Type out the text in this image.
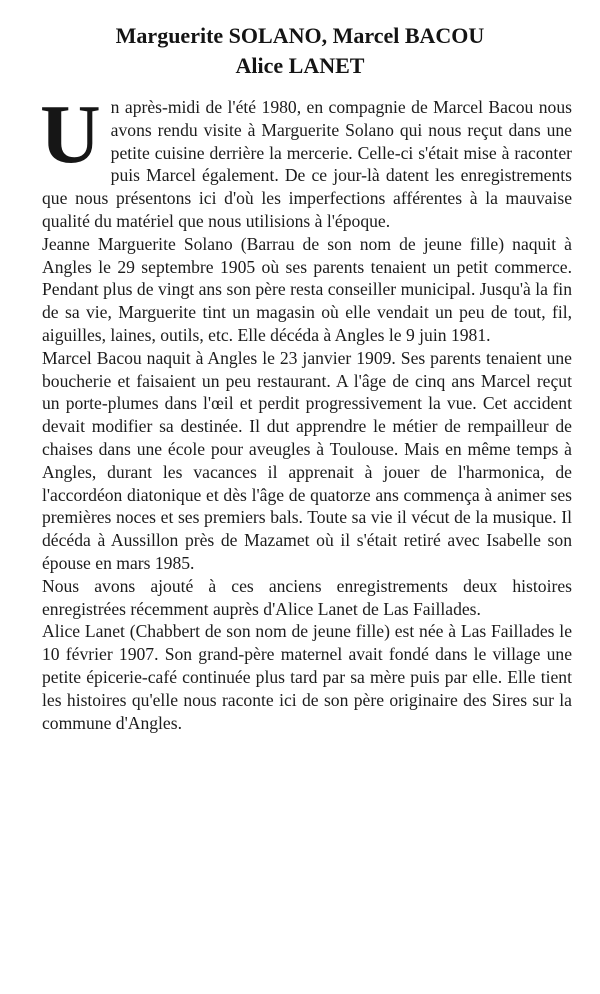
Marguerite SOLANO, Marcel BACOU
Alice LANET

Un après-midi de l'été 1980, en compagnie de Marcel Bacou nous avons rendu visite à Marguerite Solano qui nous reçut dans une petite cuisine derrière la mercerie. Celle-ci s'était mise à raconter puis Marcel également. De ce jour-là datent les enregistrements que nous présentons ici d'où les imperfections afférentes à la mauvaise qualité du matériel que nous utilisions à l'époque.

Jeanne Marguerite Solano (Barrau de son nom de jeune fille) naquit à Angles le 29 septembre 1905 où ses parents tenaient un petit commerce. Pendant plus de vingt ans son père resta conseiller municipal. Jusqu'à la fin de sa vie, Marguerite tint un magasin où elle vendait un peu de tout, fil, aiguilles, laines, outils, etc. Elle décéda à Angles le 9 juin 1981.

Marcel Bacou naquit à Angles le 23 janvier 1909. Ses parents tenaient une boucherie et faisaient un peu restaurant. A l'âge de cinq ans Marcel reçut un porte-plumes dans l'œil et perdit progressivement la vue. Cet accident devait modifier sa destinée. Il dut apprendre le métier de rempailleur de chaises dans une école pour aveugles à Toulouse. Mais en même temps à Angles, durant les vacances il apprenait à jouer de l'harmonica, de l'accordéon diatonique et dès l'âge de quatorze ans commença à animer ses premières noces et ses premiers bals. Toute sa vie il vécut de la musique. Il décéda à Aussillon près de Mazamet où il s'était retiré avec Isabelle son épouse en mars 1985.

Nous avons ajouté à ces anciens enregistrements deux histoires enregistrées récemment auprès d'Alice Lanet de Las Faillades.

Alice Lanet (Chabbert de son nom de jeune fille) est née à Las Faillades le 10 février 1907. Son grand-père maternel avait fondé dans le village une petite épicerie-café continuée plus tard par sa mère puis par elle. Elle tient les histoires qu'elle nous raconte ici de son père originaire des Sires sur la commune d'Angles.
